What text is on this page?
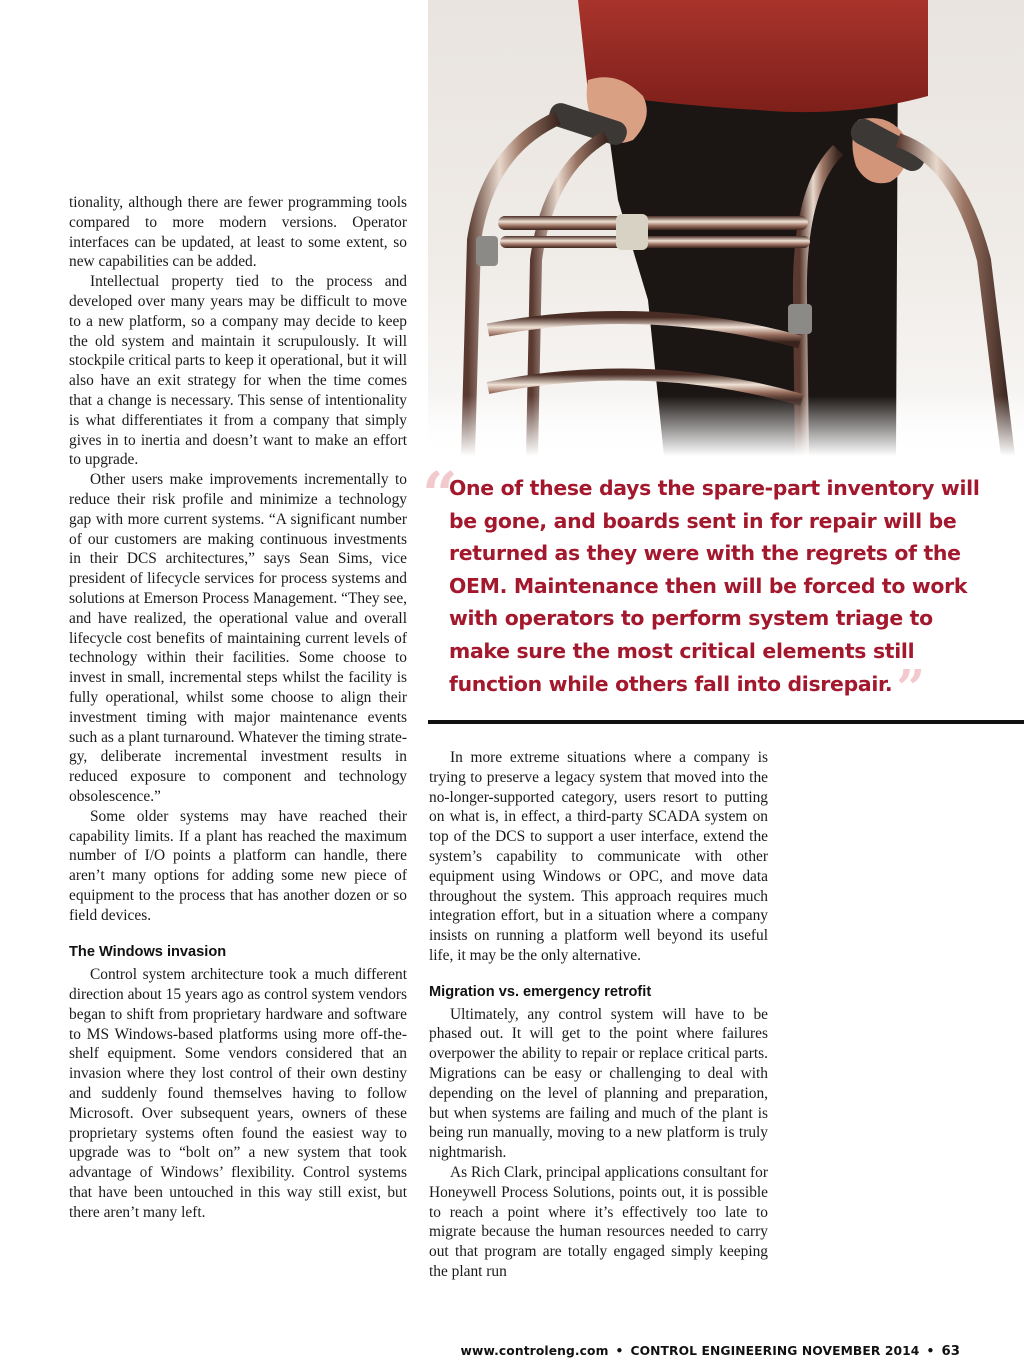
tionality, although there are fewer programming tools compared to more modern versions. Operator interfaces can be updated, at least to some extent, so new capabilities can be added.

Intellectual property tied to the process and developed over many years may be difficult to move to a new platform, so a company may decide to keep the old system and maintain it scrupulously. It will stockpile critical parts to keep it operational, but it will also have an exit strategy for when the time comes that a change is necessary. This sense of intentionality is what differentiates it from a company that simply gives in to inertia and doesn’t want to make an effort to upgrade.

Other users make improvements incrementally to reduce their risk profile and minimize a technology gap with more current systems. “A significant number of our customers are making continuous investments in their DCS architectures,” says Sean Sims, vice president of lifecycle services for process systems and solutions at Emerson Process Management. “They see, and have realized, the operational value and overall lifecycle cost benefits of maintaining current levels of technology within their facilities. Some choose to invest in small, incremental steps whilst the facility is fully operational, whilst some choose to align their investment timing with major maintenance events such as a plant turnaround. Whatever the timing strategy, deliberate incremental investment results in reduced exposure to component and technology obsolescence.”

Some older systems may have reached their capability limits. If a plant has reached the maximum number of I/O points a platform can handle, there aren’t many options for adding some new piece of equipment to the process that has another dozen or so field devices.

The Windows invasion

Control system architecture took a much different direction about 15 years ago as control system vendors began to shift from proprietary hardware and software to MS Windows-based platforms using more off-the-shelf equipment. Some vendors considered that an invasion where they lost control of their own destiny and suddenly found themselves having to follow Microsoft. Over subsequent years, owners of these proprietary systems often found the easiest way to upgrade was to “bolt on” a new system that took advantage of Windows’ flexibility. Control systems that have been untouched in this way still exist, but there aren’t many left.

“

One of these days the spare-part inventory will be gone, and boards sent in for repair will be returned as they were with the regrets of the OEM. Maintenance then will be forced to work with operators to perform system triage to make sure the most critical elements still function while others fall into disrepair.”

In more extreme situations where a company is trying to preserve a legacy system that moved into the no-longer-supported category, users resort to putting on what is, in effect, a third-party SCADA system on top of the DCS to support a user interface, extend the system’s capability to communicate with other equipment using Windows or OPC, and move data throughout the system. This approach requires much integration effort, but in a situation where a company insists on running a platform well beyond its useful life, it may be the only alternative.

Migration vs. emergency retrofit

Ultimately, any control system will have to be phased out. It will get to the point where failures overpower the ability to repair or replace critical parts. Migrations can be easy or challenging to deal with depending on the level of planning and preparation, but when systems are failing and much of the plant is being run manually, moving to a new platform is truly nightmarish.

As Rich Clark, principal applications consultant for Honeywell Process Solutions, points out, it is possible to reach a point where it’s effectively too late to migrate because the human resources needed to carry out that program are totally engaged simply keeping the plant run

www.controleng.com • CONTROL ENGINEERING NOVEMBER 2014 • 63
